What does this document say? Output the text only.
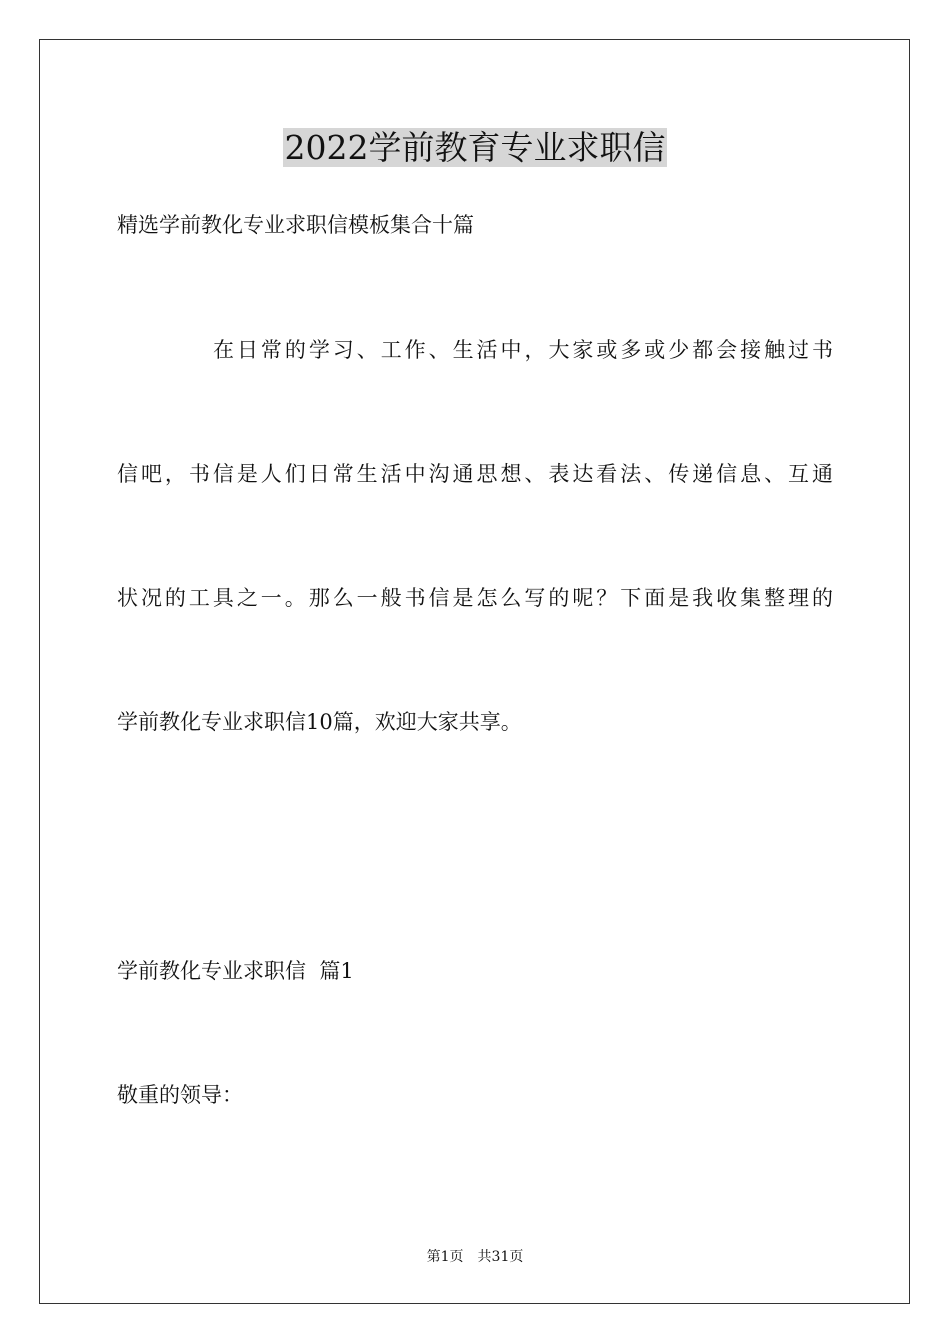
2022学前教育专业求职信

精选学前教化专业求职信模板集合十篇

在日常的学习、工作、生活中，大家或多或少都会接触过书

信吧，书信是人们日常生活中沟通思想、表达看法、传递信息、互通

状况的工具之一。那么一般书信是怎么写的呢？下面是我收集整理的

学前教化专业求职信10篇，欢迎大家共享。

学前教化专业求职信  篇1

敬重的领导：

第1页 共31页
